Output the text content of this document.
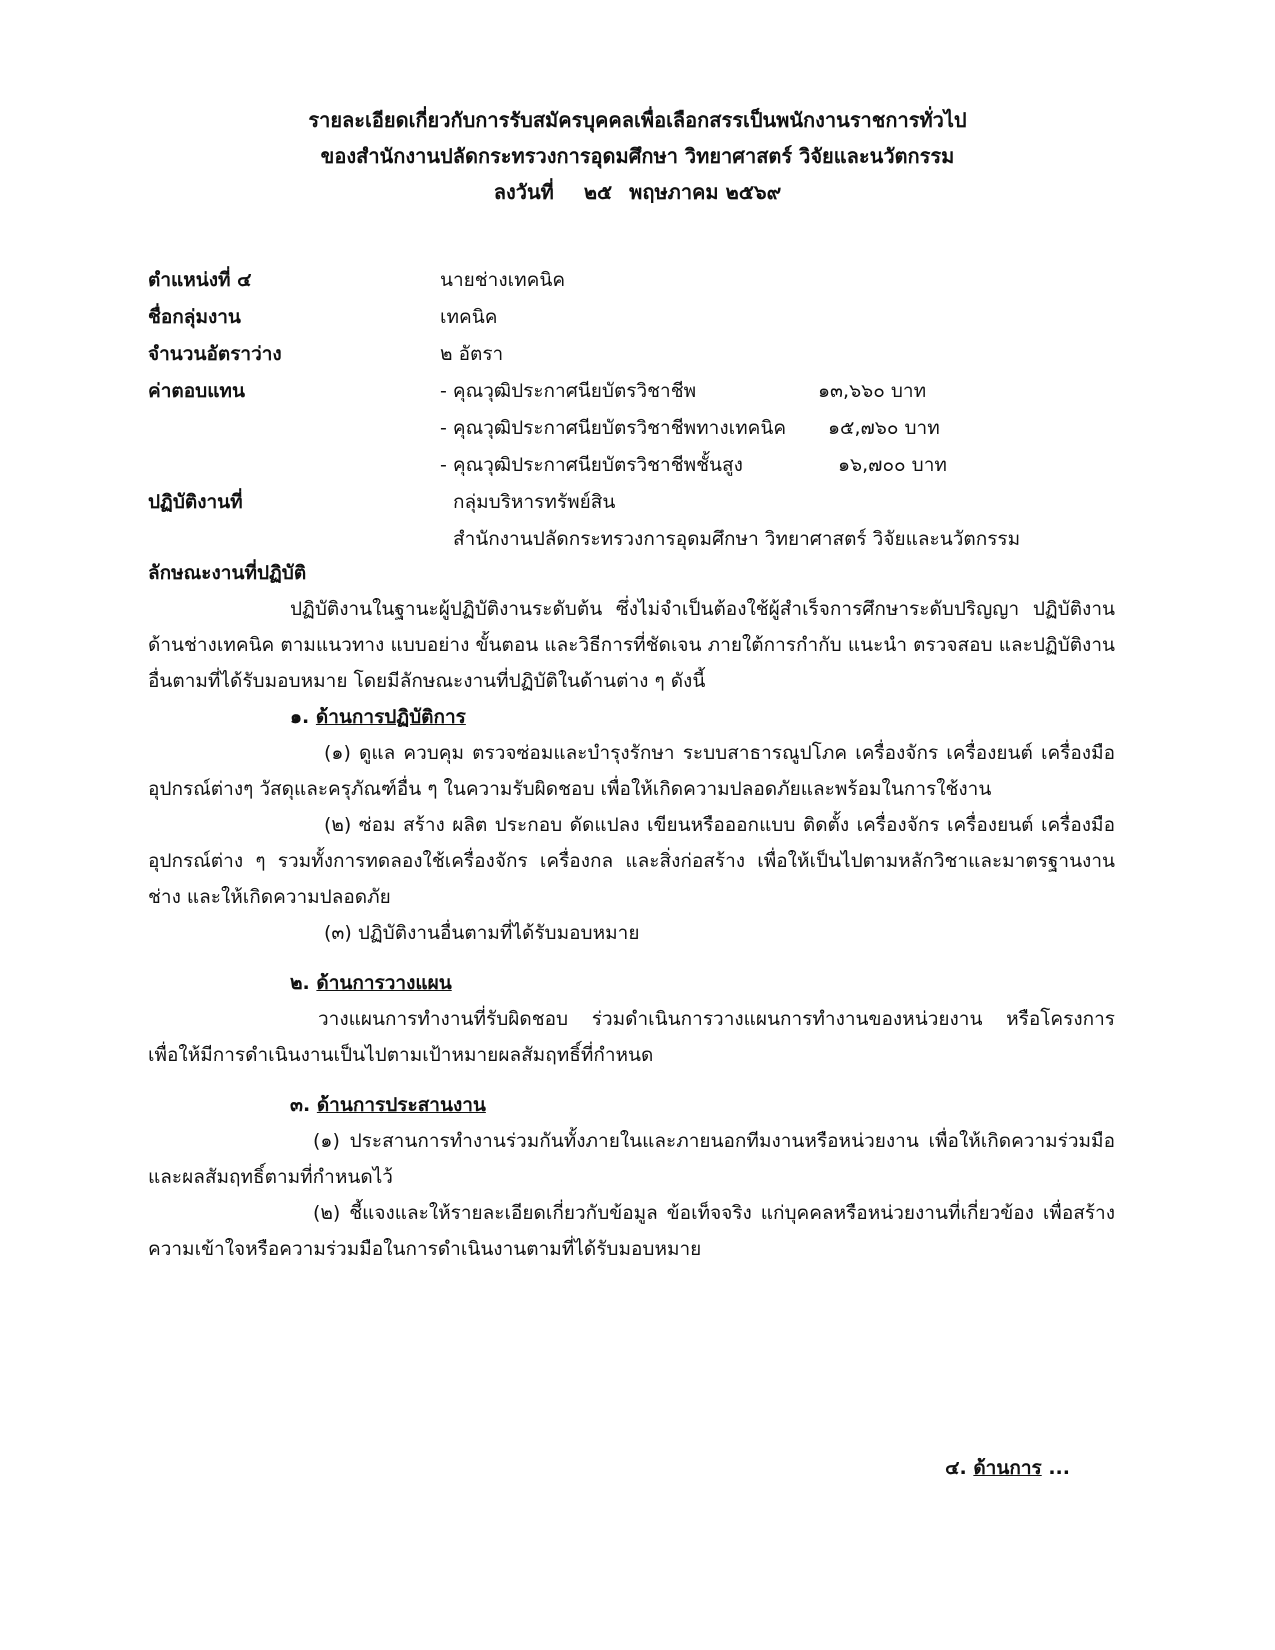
รายละเอียดเกี่ยวกับการรับสมัครบุคคลเพื่อเลือกสรรเป็นพนักงานราชการทั่วไป
ของสำนักงานปลัดกระทรวงการอุดมศึกษา วิทยาศาสตร์ วิจัยและนวัตกรรม
ลงวันที่ ๒๕ พฤษภาคม ๒๕๖๙
ตำแหน่งที่ ๔	นายช่างเทคนิค
ชื่อกลุ่มงาน	เทคนิค
จำนวนอัตราว่าง	๒ อัตรา
ค่าตอบแทน	- คุณวุฒิประกาศนียบัตรวิชาชีพ	๑๓,๖๖๐ บาท
- คุณวุฒิประกาศนียบัตรวิชาชีพทางเทคนิค ๑๕,๗๖๐ บาท
- คุณวุฒิประกาศนียบัตรวิชาชีพชั้นสูง	๑๖,๗๐๐ บาท
ปฏิบัติงานที่	กลุ่มบริหารทรัพย์สิน
สำนักงานปลัดกระทรวงการอุดมศึกษา วิทยาศาสตร์ วิจัยและนวัตกรรม
ลักษณะงานที่ปฏิบัติ

ปฏิบัติงานในฐานะผู้ปฏิบัติงานระดับต้น ซึ่งไม่จำเป็นต้องใช้ผู้สำเร็จการศึกษาระดับปริญญา ปฏิบัติงานด้านช่างเทคนิค ตามแนวทาง แบบอย่าง ขั้นตอน และวิธีการที่ชัดเจน ภายใต้การกำกับ แนะนำ ตรวจสอบ และปฏิบัติงานอื่นตามที่ได้รับมอบหมาย โดยมีลักษณะงานที่ปฏิบัติในด้านต่าง ๆ ดังนี้

๑. ด้านการปฏิบัติการ

(๑) ดูแล ควบคุม ตรวจซ่อมและบำรุงรักษา ระบบสาธารณูปโภค เครื่องจักร เครื่องยนต์ เครื่องมือ อุปกรณ์ต่างๆ วัสดุและครุภัณฑ์อื่น ๆ ในความรับผิดชอบ เพื่อให้เกิดความปลอดภัยและพร้อมในการใช้งาน

(๒) ซ่อม สร้าง ผลิต ประกอบ ดัดแปลง เขียนหรือออกแบบ ติดตั้ง เครื่องจักร เครื่องยนต์ เครื่องมืออุปกรณ์ต่าง ๆ รวมทั้งการทดลองใช้เครื่องจักร เครื่องกล และสิ่งก่อสร้าง เพื่อให้เป็นไปตามหลักวิชาและมาตรฐานงานช่าง และให้เกิดความปลอดภัย

(๓) ปฏิบัติงานอื่นตามที่ได้รับมอบหมาย
๒. ด้านการวางแผน

วางแผนการทำงานที่รับผิดชอบ ร่วมดำเนินการวางแผนการทำงานของหน่วยงาน หรือโครงการ เพื่อให้มีการดำเนินงานเป็นไปตามเป้าหมายผลสัมฤทธิ์ที่กำหนด

๓. ด้านการประสานงาน

(๑) ประสานการทำงานร่วมกันทั้งภายในและภายนอกทีมงานหรือหน่วยงาน เพื่อให้เกิดความร่วมมือและผลสัมฤทธิ์ตามที่กำหนดไว้

(๒) ชี้แจงและให้รายละเอียดเกี่ยวกับข้อมูล ข้อเท็จจริง แก่บุคคลหรือหน่วยงานที่เกี่ยวข้อง เพื่อสร้างความเข้าใจหรือความร่วมมือในการดำเนินงานตามที่ได้รับมอบหมาย

๔. ด้านการ ...
